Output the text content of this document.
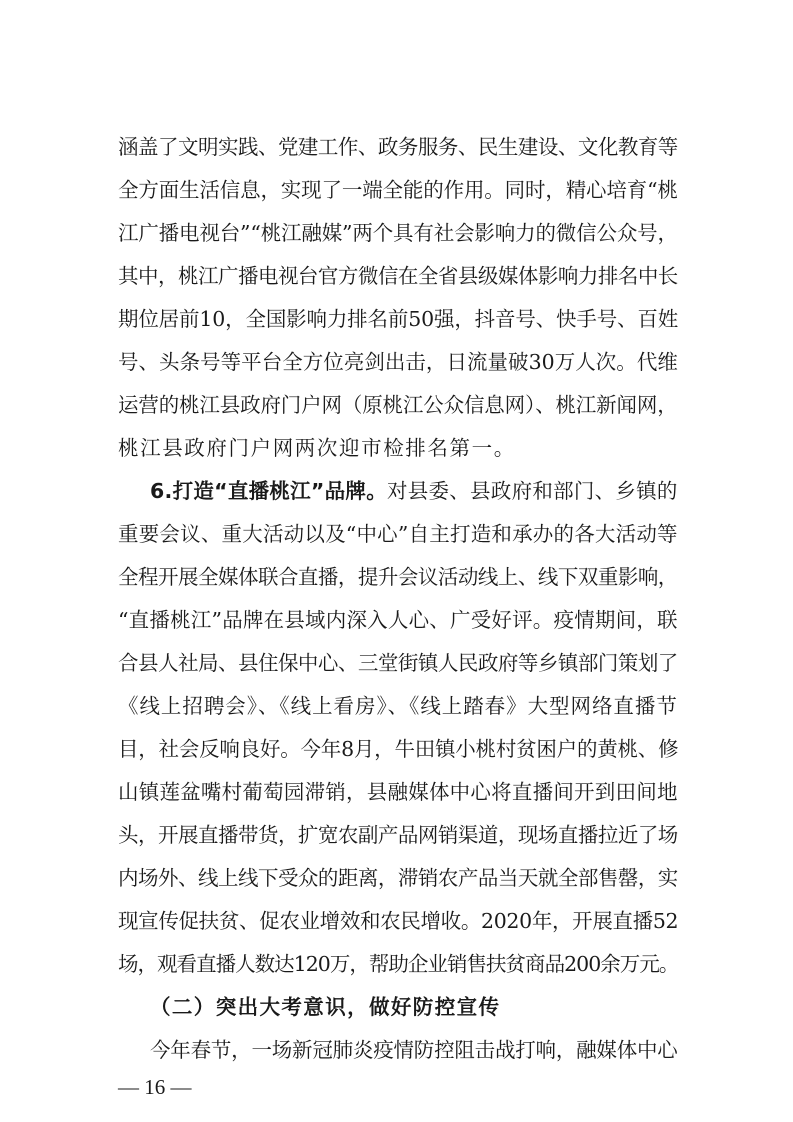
涵盖了文明实践、党建工作、政务服务、民生建设、文化教育等
全方面生活信息，实现了一端全能的作用。同时，精心培育“桃
江广播电视台”“桃江融媒”两个具有社会影响力的微信公众号，
其中，桃江广播电视台官方微信在全省县级媒体影响力排名中长
期位居前10，全国影响力排名前50强，抖音号、快手号、百姓
号、头条号等平台全方位亮剑出击，日流量破30万人次。代维
运营的桃江县政府门户网（原桃江公众信息网）、桃江新闻网，
桃江县政府门户网两次迎市检排名第一。
6.打造“直播桃江”品牌。对县委、县政府和部门、乡镇的
重要会议、重大活动以及“中心”自主打造和承办的各大活动等
全程开展全媒体联合直播，提升会议活动线上、线下双重影响，
“直播桃江”品牌在县域内深入人心、广受好评。疫情期间，联
合县人社局、县住保中心、三堂街镇人民政府等乡镇部门策划了
《线上招聘会》、《线上看房》、《线上踏春》大型网络直播节
目，社会反响良好。今年8月，牛田镇小桃村贫困户的黄桃、修
山镇莲盆嘴村葡萄园滞销，县融媒体中心将直播间开到田间地
头，开展直播带货，扩宽农副产品网销渠道，现场直播拉近了场
内场外、线上线下受众的距离，滞销农产品当天就全部售罄，实
现宣传促扶贫、促农业增效和农民增收。2020年，开展直播52
场，观看直播人数达120万，帮助企业销售扶贫商品200余万元。
（二）突出大考意识，做好防控宣传
今年春节，一场新冠肺炎疫情防控阻击战打响，融媒体中心
— 16 —
